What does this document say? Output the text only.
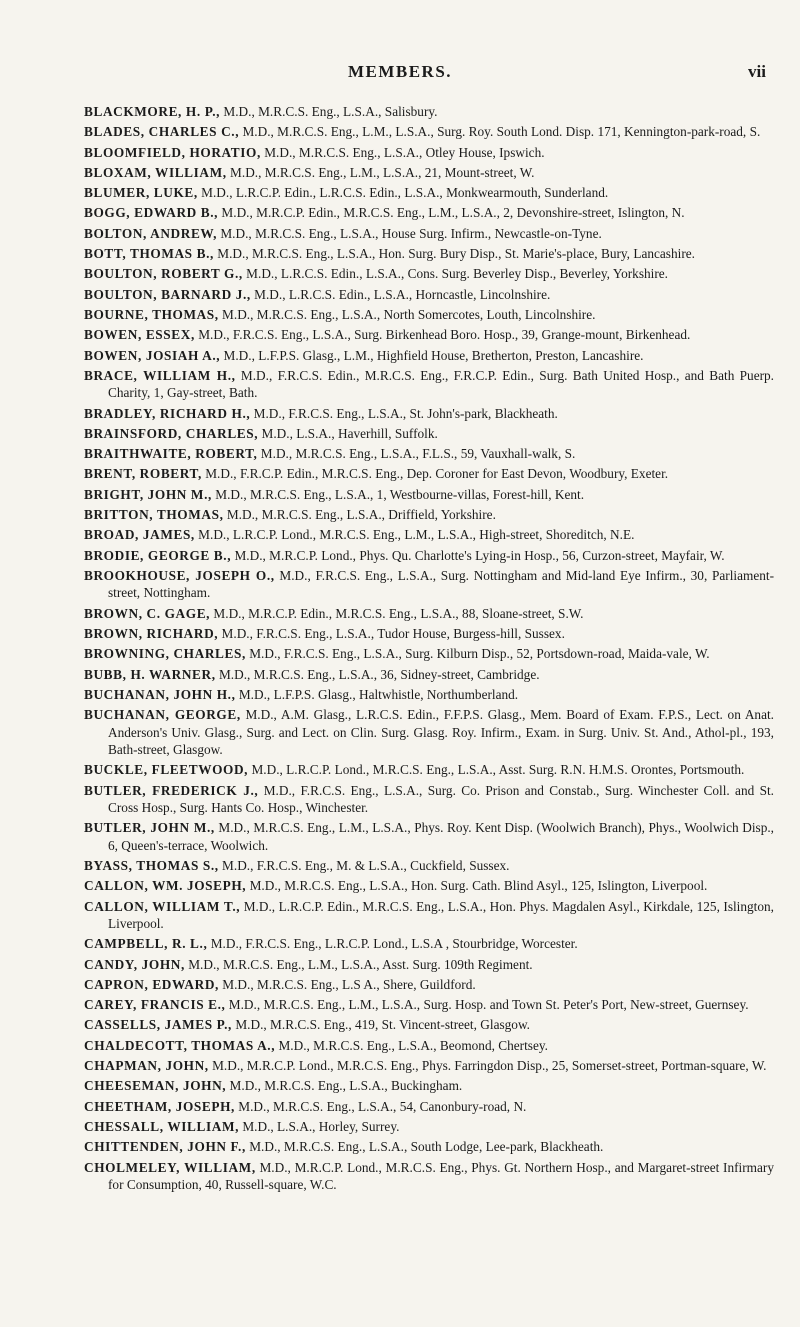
MEMBERS.	vii

BLACKMORE, H. P., M.D., M.R.C.S. Eng., L.S.A., Salisbury.

BLADES, CHARLES C., M.D., M.R.C.S. Eng., L.M., L.S.A., Surg. Roy. South Lond. Disp. 171, Kennington-park-road, S.

BLOOMFIELD, HORATIO, M.D., M.R.C.S. Eng., L.S.A., Otley House, Ipswich.

BLOXAM, WILLIAM, M.D., M.R.C.S. Eng., L.M., L.S.A., 21, Mount-street, W.

BLUMER, LUKE, M.D., L.R.C.P. Edin., L.R.C.S. Edin., L.S.A., Monkwearmouth, Sunderland.

BOGG, EDWARD B., M.D., M.R.C.P. Edin., M.R.C.S. Eng., L.M., L.S.A., 2, Devonshire-street, Islington, N.

BOLTON, ANDREW, M.D., M.R.C.S. Eng., L.S.A., House Surg. Infirm., Newcastle-on-Tyne.

BOTT, THOMAS B., M.D., M.R.C.S. Eng., L.S.A., Hon. Surg. Bury Disp., St. Marie's-place, Bury, Lancashire.

BOULTON, ROBERT G., M.D., L.R.C.S. Edin., L.S.A., Cons. Surg. Beverley Disp., Beverley, Yorkshire.

BOULTON, BARNARD J., M.D., L.R.C.S. Edin., L.S.A., Horncastle, Lincolnshire.

BOURNE, THOMAS, M.D., M.R.C.S. Eng., L.S.A., North Somercotes, Louth, Lincolnshire.

BOWEN, ESSEX, M.D., F.R.C.S. Eng., L.S.A., Surg. Birkenhead Boro. Hosp., 39, Grange-mount, Birkenhead.

BOWEN, JOSIAH A., M.D., L.F.P.S. Glasg., L.M., Highfield House, Bretherton, Preston, Lancashire.

BRACE, WILLIAM H., M.D., F.R.C.S. Edin., M.R.C.S. Eng., F.R.C.P. Edin., Surg. Bath United Hosp., and Bath Puerp. Charity, 1, Gay-street, Bath.

BRADLEY, RICHARD H., M.D., F.R.C.S. Eng., L.S.A., St. John's-park, Blackheath.

BRAINSFORD, CHARLES, M.D., L.S.A., Haverhill, Suffolk.

BRAITHWAITE, ROBERT, M.D., M.R.C.S. Eng., L.S.A., F.L.S., 59, Vauxhall-walk, S.

BRENT, ROBERT, M.D., F.R.C.P. Edin., M.R.C.S. Eng., Dep. Coroner for East Devon, Woodbury, Exeter.

BRIGHT, JOHN M., M.D., M.R.C.S. Eng., L.S.A., 1, Westbourne-villas, Forest-hill, Kent.

BRITTON, THOMAS, M.D., M.R.C.S. Eng., L.S.A., Driffield, Yorkshire.

BROAD, JAMES, M.D., L.R.C.P. Lond., M.R.C.S. Eng., L.M., L.S.A., High-street, Shoreditch, N.E.

BRODIE, GEORGE B., M.D., M.R.C.P. Lond., Phys. Qu. Charlotte's Lying-in Hosp., 56, Curzon-street, Mayfair, W.

BROOKHOUSE, JOSEPH O., M.D., F.R.C.S. Eng., L.S.A., Surg. Nottingham and Mid-land Eye Infirm., 30, Parliament-street, Nottingham.

BROWN, C. GAGE, M.D., M.R.C.P. Edin., M.R.C.S. Eng., L.S.A., 88, Sloane-street, S.W.

BROWN, RICHARD, M.D., F.R.C.S. Eng., L.S.A., Tudor House, Burgess-hill, Sussex.

BROWNING, CHARLES, M.D., F.R.C.S. Eng., L.S.A., Surg. Kilburn Disp., 52, Portsdown-road, Maida-vale, W.

BUBB, H. WARNER, M.D., M.R.C.S. Eng., L.S.A., 36, Sidney-street, Cambridge.

BUCHANAN, JOHN H., M.D., L.F.P.S. Glasg., Haltwhistle, Northumberland.

BUCHANAN, GEORGE, M.D., A.M. Glasg., L.R.C.S. Edin., F.F.P.S. Glasg., Mem. Board of Exam. F.P.S., Lect. on Anat. Anderson's Univ. Glasg., Surg. and Lect. on Clin. Surg. Glasg. Roy. Infirm., Exam. in Surg. Univ. St. And., Athol-pl., 193, Bath-street, Glasgow.

BUCKLE, FLEETWOOD, M.D., L.R.C.P. Lond., M.R.C.S. Eng., L.S.A., Asst. Surg. R.N. H.M.S. Orontes, Portsmouth.

BUTLER, FREDERICK J., M.D., F.R.C.S. Eng., L.S.A., Surg. Co. Prison and Constab., Surg. Winchester Coll. and St. Cross Hosp., Surg. Hants Co. Hosp., Winchester.

BUTLER, JOHN M., M.D., M.R.C.S. Eng., L.M., L.S.A., Phys. Roy. Kent Disp. (Woolwich Branch), Phys., Woolwich Disp., 6, Queen's-terrace, Woolwich.

BYASS, THOMAS S., M.D., F.R.C.S. Eng., M. & L.S.A., Cuckfield, Sussex.

CALLON, WM. JOSEPH, M.D., M.R.C.S. Eng., L.S.A., Hon. Surg. Cath. Blind Asyl., 125, Islington, Liverpool.

CALLON, WILLIAM T., M.D., L.R.C.P. Edin., M.R.C.S. Eng., L.S.A., Hon. Phys. Magdalen Asyl., Kirkdale, 125, Islington, Liverpool.

CAMPBELL, R. L., M.D., F.R.C.S. Eng., L.R.C.P. Lond., L.S.A , Stourbridge, Worcester.

CANDY, JOHN, M.D., M.R.C.S. Eng., L.M., L.S.A., Asst. Surg. 109th Regiment.

CAPRON, EDWARD, M.D., M.R.C.S. Eng., L.S A., Shere, Guildford.

CAREY, FRANCIS E., M.D., M.R.C.S. Eng., L.M., L.S.A., Surg. Hosp. and Town St. Peter's Port, New-street, Guernsey.

CASSELLS, JAMES P., M.D., M.R.C.S. Eng., 419, St. Vincent-street, Glasgow.

CHALDECOTT, THOMAS A., M.D., M.R.C.S. Eng., L.S.A., Beomond, Chertsey.

CHAPMAN, JOHN, M.D., M.R.C.P. Lond., M.R.C.S. Eng., Phys. Farringdon Disp., 25, Somerset-street, Portman-square, W.

CHEESEMAN, JOHN, M.D., M.R.C.S. Eng., L.S.A., Buckingham.

CHEETHAM, JOSEPH, M.D., M.R.C.S. Eng., L.S.A., 54, Canonbury-road, N.

CHESSALL, WILLIAM, M.D., L.S.A., Horley, Surrey.

CHITTENDEN, JOHN F., M.D., M.R.C.S. Eng., L.S.A., South Lodge, Lee-park, Blackheath.

CHOLMELEY, WILLIAM, M.D., M.R.C.P. Lond., M.R.C.S. Eng., Phys. Gt. Northern Hosp., and Margaret-street Infirmary for Consumption, 40, Russell-square, W.C.
